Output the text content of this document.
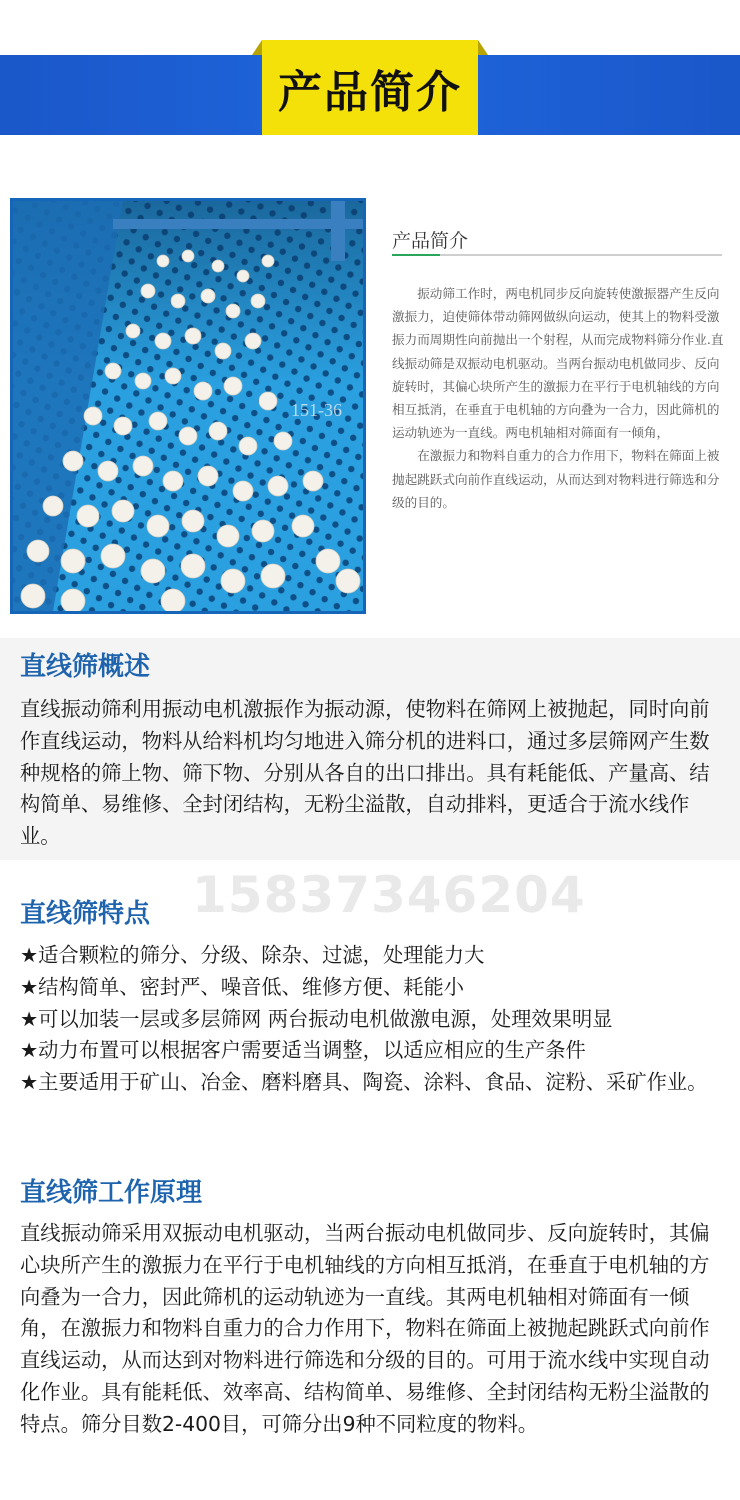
产品简介
151-36
产品简介

振动筛工作时，两电机同步反向旋转使激振器产生反向激振力，迫使筛体带动筛网做纵向运动，使其上的物料受激振力而周期性向前抛出一个射程，从而完成物料筛分作业.直线振动筛是双振动电机驱动。当两台振动电机做同步、反向旋转时，其偏心块所产生的激振力在平行于电机轴线的方向相互抵消，在垂直于电机轴的方向叠为一合力，因此筛机的运动轨迹为一直线。两电机轴相对筛面有一倾角，

在激振力和物料自重力的合力作用下，物料在筛面上被抛起跳跃式向前作直线运动，从而达到对物料进行筛选和分级的目的。

直线筛概述

直线振动筛利用振动电机激振作为振动源，使物料在筛网上被抛起，同时向前作直线运动，物料从给料机均匀地进入筛分机的进料口，通过多层筛网产生数种规格的筛上物、筛下物、分别从各自的出口排出。具有耗能低、产量高、结构简单、易维修、全封闭结构，无粉尘溢散，自动排料，更适合于流水线作业。

15837346204
直线筛特点
★适合颗粒的筛分、分级、除杂、过滤，处理能力大
★结构简单、密封严、噪音低、维修方便、耗能小
★可以加装一层或多层筛网 两台振动电机做激电源，处理效果明显
★动力布置可以根据客户需要适当调整，以适应相应的生产条件
★主要适用于矿山、冶金、磨料磨具、陶瓷、涂料、食品、淀粉、采矿作业。
直线筛工作原理

直线振动筛采用双振动电机驱动，当两台振动电机做同步、反向旋转时，其偏心块所产生的激振力在平行于电机轴线的方向相互抵消，在垂直于电机轴的方向叠为一合力，因此筛机的运动轨迹为一直线。其两电机轴相对筛面有一倾角，在激振力和物料自重力的合力作用下，物料在筛面上被抛起跳跃式向前作直线运动，从而达到对物料进行筛选和分级的目的。可用于流水线中实现自动化作业。具有能耗低、效率高、结构简单、易维修、全封闭结构无粉尘溢散的特点。筛分目数2-400目，可筛分出9种不同粒度的物料。
